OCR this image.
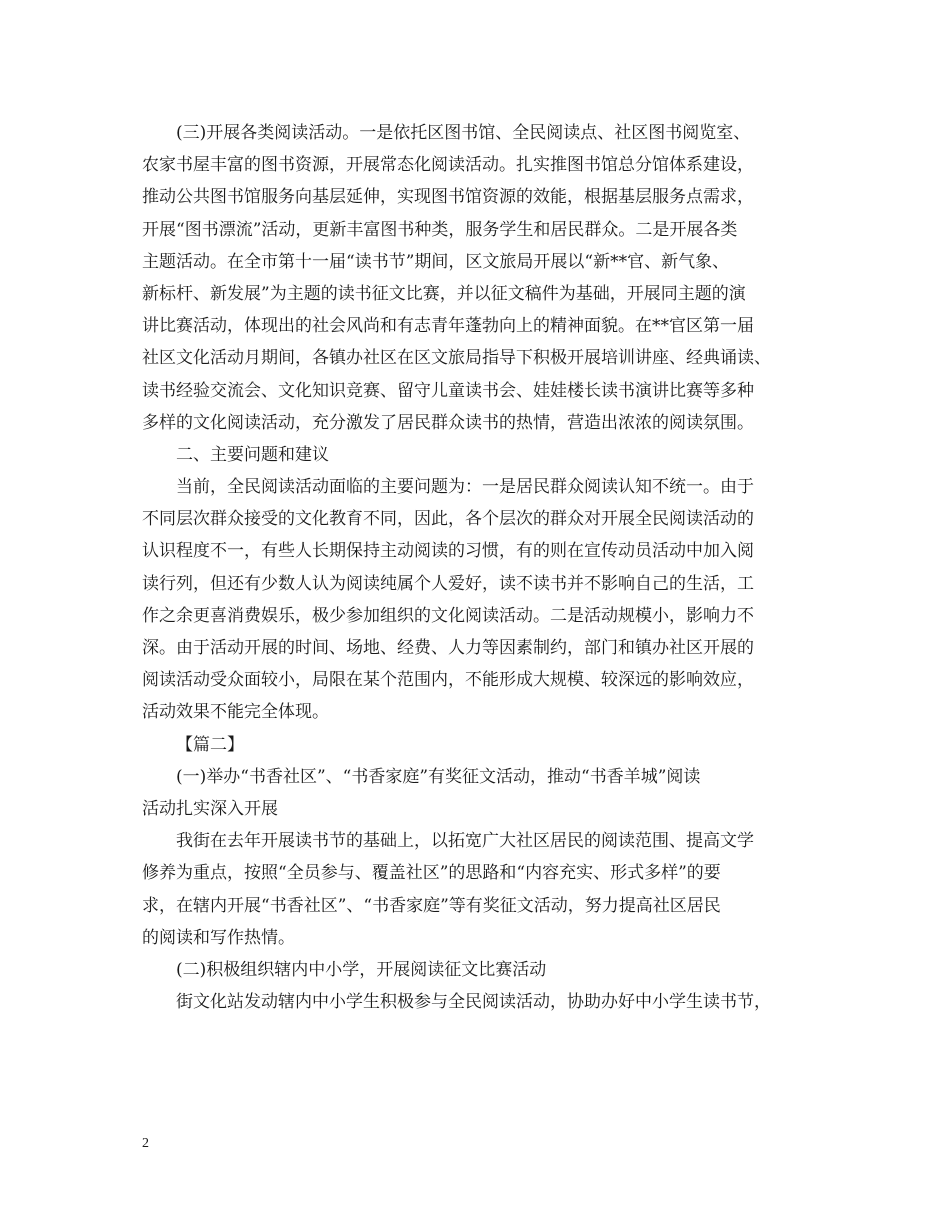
(三)开展各类阅读活动。一是依托区图书馆、全民阅读点、社区图书阅览室、
农家书屋丰富的图书资源，开展常态化阅读活动。扎实推图书馆总分馆体系建设，
推动公共图书馆服务向基层延伸，实现图书馆资源的效能，根据基层服务点需求，
开展“图书漂流”活动，更新丰富图书种类，服务学生和居民群众。二是开展各类
主题活动。在全市第十一届“读书节”期间，区文旅局开展以“新**官、新气象、
新标杆、新发展”为主题的读书征文比赛，并以征文稿件为基础，开展同主题的演
讲比赛活动，体现出的社会风尚和有志青年蓬勃向上的精神面貌。在**官区第一届
社区文化活动月期间，各镇办社区在区文旅局指导下积极开展培训讲座、经典诵读、
读书经验交流会、文化知识竞赛、留守儿童读书会、娃娃楼长读书演讲比赛等多种
多样的文化阅读活动，充分激发了居民群众读书的热情，营造出浓浓的阅读氛围。
二、主要问题和建议
当前，全民阅读活动面临的主要问题为：一是居民群众阅读认知不统一。由于
不同层次群众接受的文化教育不同，因此，各个层次的群众对开展全民阅读活动的
认识程度不一，有些人长期保持主动阅读的习惯，有的则在宣传动员活动中加入阅
读行列，但还有少数人认为阅读纯属个人爱好，读不读书并不影响自己的生活，工
作之余更喜消费娱乐，极少参加组织的文化阅读活动。二是活动规模小，影响力不
深。由于活动开展的时间、场地、经费、人力等因素制约，部门和镇办社区开展的
阅读活动受众面较小，局限在某个范围内，不能形成大规模、较深远的影响效应，
活动效果不能完全体现。
【篇二】
(一)举办“书香社区”、“书香家庭”有奖征文活动，推动“书香羊城”阅读
活动扎实深入开展
我街在去年开展读书节的基础上，以拓宽广大社区居民的阅读范围、提高文学
修养为重点，按照“全员参与、覆盖社区”的思路和“内容充实、形式多样”的要
求，在辖内开展“书香社区”、“书香家庭”等有奖征文活动，努力提高社区居民
的阅读和写作热情。
(二)积极组织辖内中小学，开展阅读征文比赛活动
街文化站发动辖内中小学生积极参与全民阅读活动，协助办好中小学生读书节，
2
